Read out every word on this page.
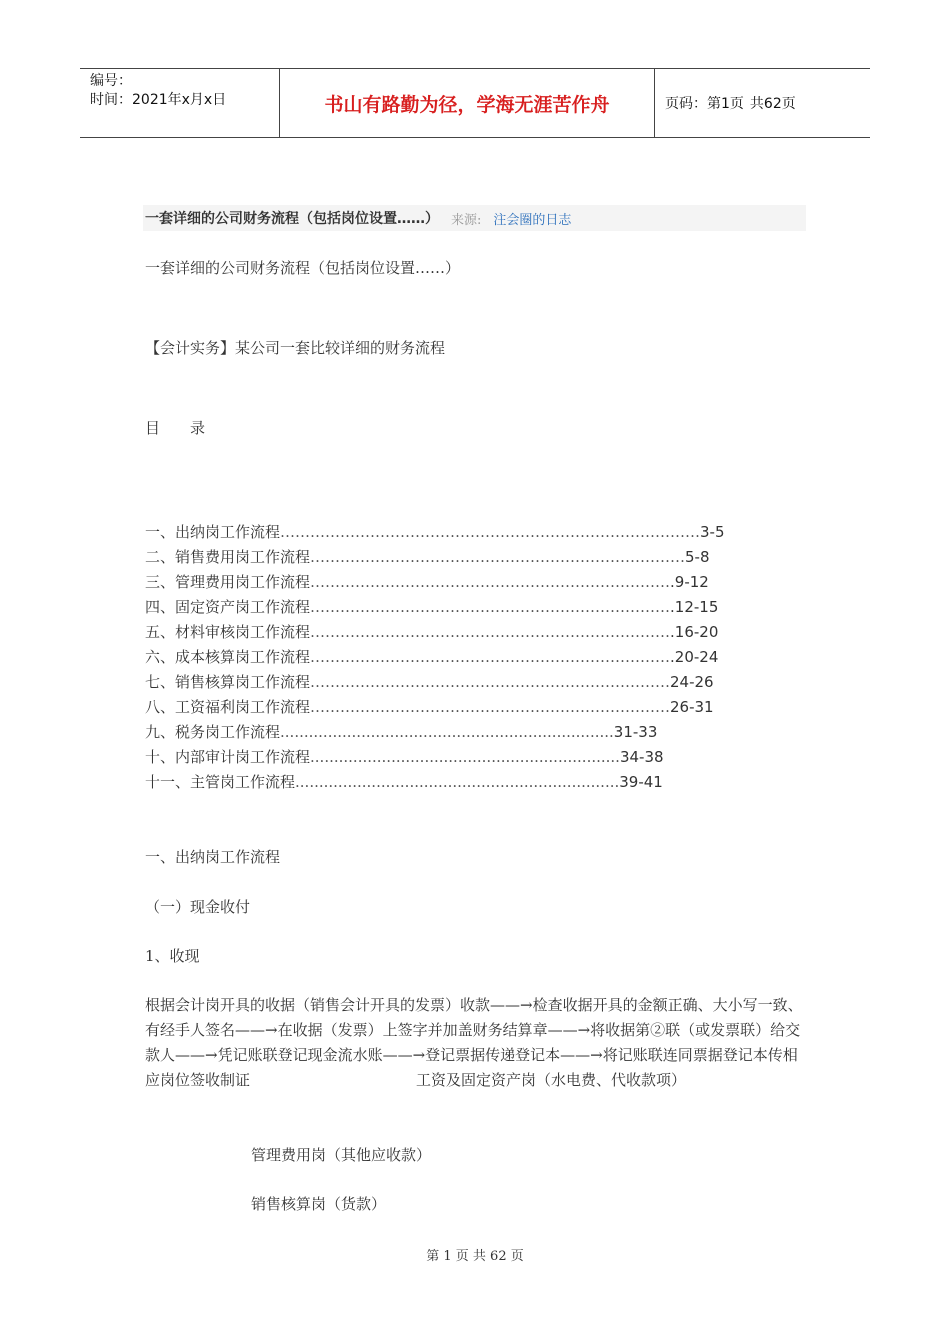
编号：
时间：2021年x月x日	书山有路勤为径，学海无涯苦作舟	页码：第1页 共62页
一套详细的公司财务流程（包括岗位设置……） 来源: 注会圈的日志
一套详细的公司财务流程（包括岗位设置……）
【会计实务】某公司一套比较详细的财务流程
目　　录
一、出纳岗工作流程 ………………………………………………………………………… 3-5
二、销售费用岗工作流程 ………………………………………………………………… 5-8
三、管理费用岗工作流程 ……………………………………………………………… .9-12
四、固定资产岗工作流程 ……………………………………………………………… .12-15
五、材料审核岗工作流程 ……………………………………………………………… .16-20
六、成本核算岗工作流程 ……………………………………………………………… .20-24
七、销售核算岗工作流程 ……………………………………………………………… 24-26
八、工资福利岗工作流程 ……………………………………………………………… 26-31
九、税务岗工作流程 ...................................................................... 31-33
十、内部审计岗工作流程 ................................................................. 34-38
十一、主管岗工作流程 .................................................................... 39-41
一、出纳岗工作流程
（一）现金收付
1、收现
根据会计岗开具的收据（销售会计开具的发票）收款——→检查收据开具的金额正确、大小写一致、有经手人签名——→在收据（发票）上签字并加盖财务结算章——→将收据第②联（或发票联）给交款人——→凭记账联登记现金流水账——→登记票据传递登记本——→将记账联连同票据登记本传相应岗位签收制证	工资及固定资产岗（水电费、代收款项）
管理费用岗（其他应收款）
销售核算岗（货款）
第 1 页 共 62 页
